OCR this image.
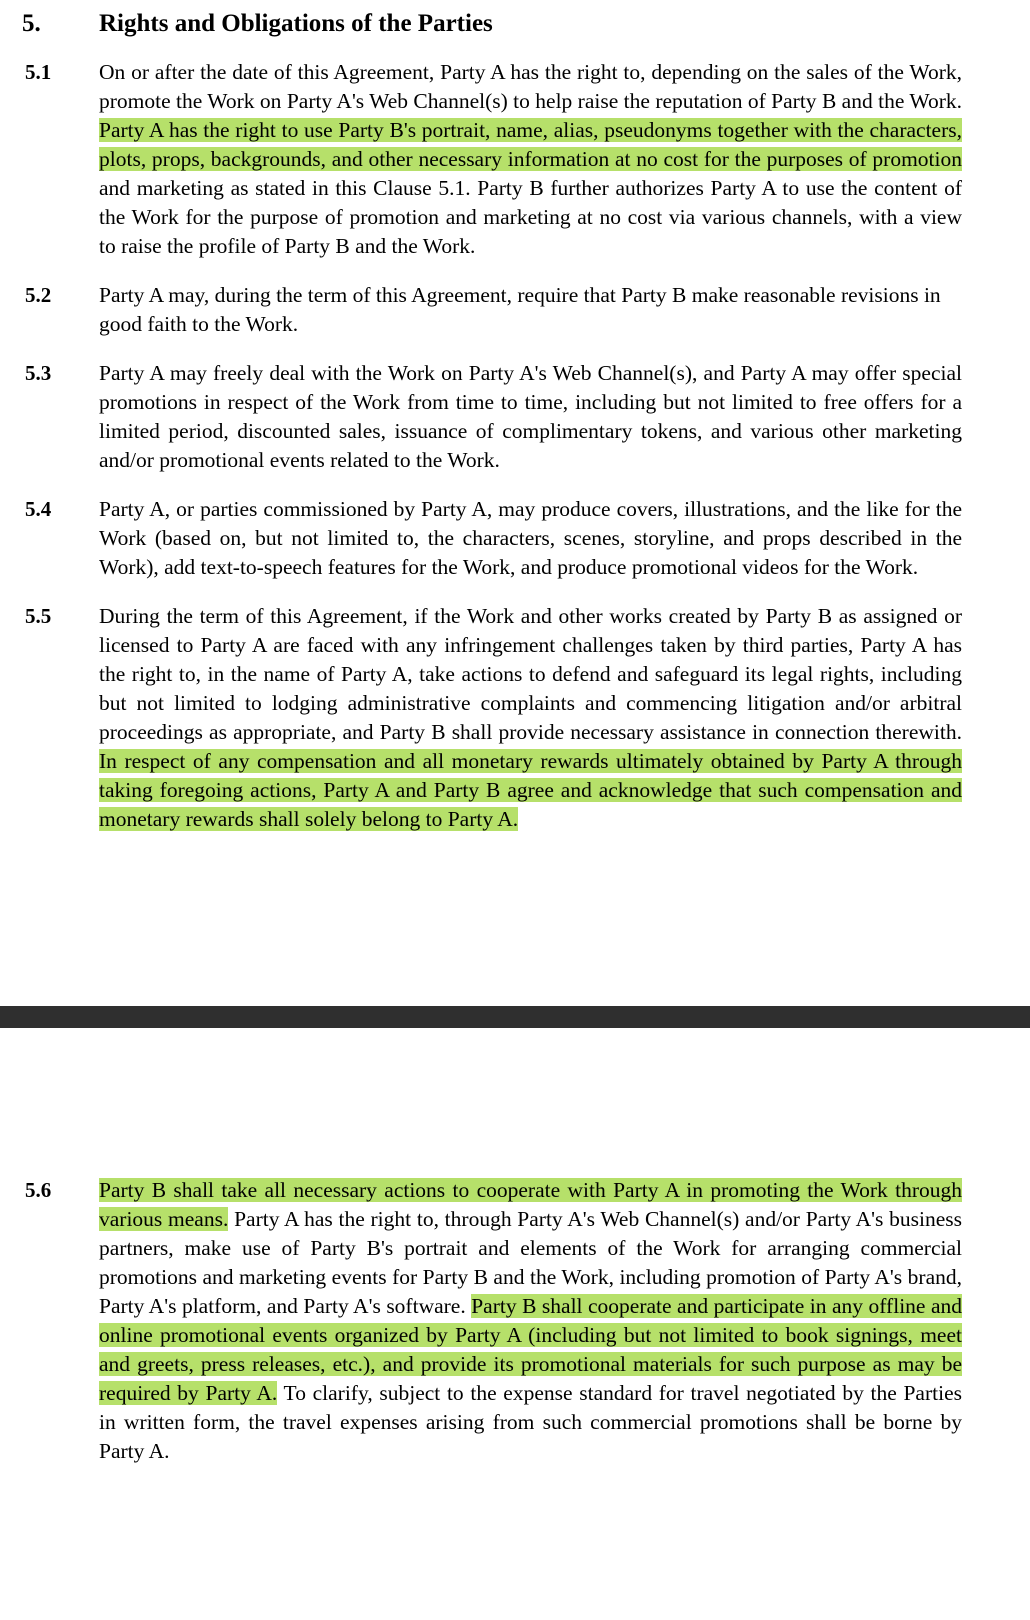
5.	Rights and Obligations of the Parties
5.1	On or after the date of this Agreement, Party A has the right to, depending on the sales of the Work, promote the Work on Party A's Web Channel(s) to help raise the reputation of Party B and the Work. Party A has the right to use Party B's portrait, name, alias, pseudonyms together with the characters, plots, props, backgrounds, and other necessary information at no cost for the purposes of promotion and marketing as stated in this Clause 5.1. Party B further authorizes Party A to use the content of the Work for the purpose of promotion and marketing at no cost via various channels, with a view to raise the profile of Party B and the Work.
5.2	Party A may, during the term of this Agreement, require that Party B make reasonable revisions in good faith to the Work.
5.3	Party A may freely deal with the Work on Party A's Web Channel(s), and Party A may offer special promotions in respect of the Work from time to time, including but not limited to free offers for a limited period, discounted sales, issuance of complimentary tokens, and various other marketing and/or promotional events related to the Work.
5.4	Party A, or parties commissioned by Party A, may produce covers, illustrations, and the like for the Work (based on, but not limited to, the characters, scenes, storyline, and props described in the Work), add text-to-speech features for the Work, and produce promotional videos for the Work.
5.5	During the term of this Agreement, if the Work and other works created by Party B as assigned or licensed to Party A are faced with any infringement challenges taken by third parties, Party A has the right to, in the name of Party A, take actions to defend and safeguard its legal rights, including but not limited to lodging administrative complaints and commencing litigation and/or arbitral proceedings as appropriate, and Party B shall provide necessary assistance in connection therewith. In respect of any compensation and all monetary rewards ultimately obtained by Party A through taking foregoing actions, Party A and Party B agree and acknowledge that such compensation and monetary rewards shall solely belong to Party A.
5.6	Party B shall take all necessary actions to cooperate with Party A in promoting the Work through various means. Party A has the right to, through Party A's Web Channel(s) and/or Party A's business partners, make use of Party B's portrait and elements of the Work for arranging commercial promotions and marketing events for Party B and the Work, including promotion of Party A's brand, Party A's platform, and Party A's software. Party B shall cooperate and participate in any offline and online promotional events organized by Party A (including but not limited to book signings, meet and greets, press releases, etc.), and provide its promotional materials for such purpose as may be required by Party A. To clarify, subject to the expense standard for travel negotiated by the Parties in written form, the travel expenses arising from such commercial promotions shall be borne by Party A.
